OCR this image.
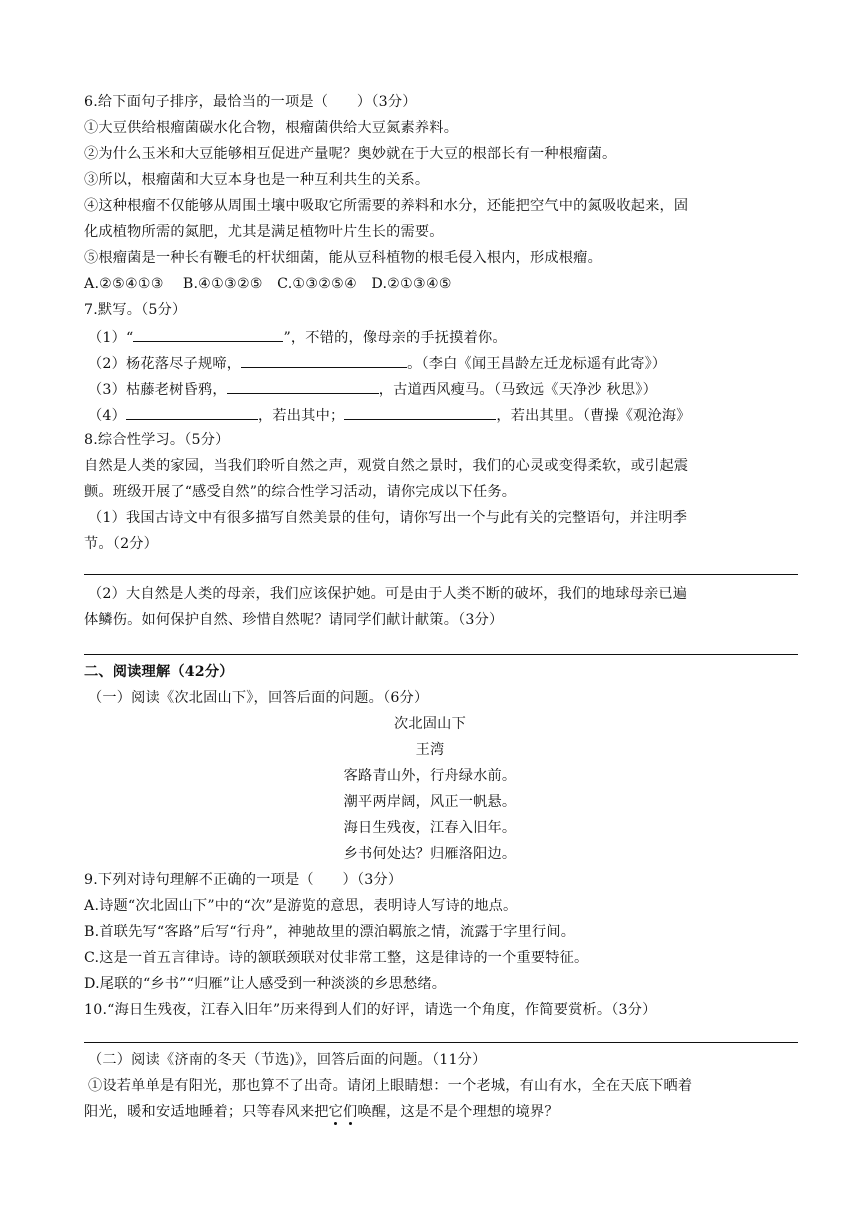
6.给下面句子排序，最恰当的一项是（　　）（3分）
①大豆供给根瘤菌碳水化合物，根瘤菌供给大豆氮素养料。
②为什么玉米和大豆能够相互促进产量呢？奥妙就在于大豆的根部长有一种根瘤菌。
③所以，根瘤菌和大豆本身也是一种互利共生的关系。
④这种根瘤不仅能够从周围土壤中吸取它所需要的养料和水分，还能把空气中的氮吸收起来，固
化成植物所需的氮肥，尤其是满足植物叶片生长的需要。
⑤根瘤菌是一种长有鞭毛的杆状细菌，能从豆科植物的根毛侵入根内，形成根瘤。
A.②⑤④①③　 B.④①③②⑤　C.①③②⑤④　D.②①③④⑤
7.默写。（5分）
（1）“	”，不错的，像母亲的手抚摸着你。
（2）杨花落尽子规啼，	。（李白《闻王昌龄左迁龙标遥有此寄》）
（3）枯藤老树昏鸦，	，古道西风瘦马。（马致远《天净沙 秋思》）
（4）	，若出其中；	，若出其里。（曹操《观沧海》
8.综合性学习。（5分）
自然是人类的家园，当我们聆听自然之声，观赏自然之景时，我们的心灵或变得柔软，或引起震
颤。班级开展了“感受自然”的综合性学习活动，请你完成以下任务。
（1）我国古诗文中有很多描写自然美景的佳句，请你写出一个与此有关的完整语句，并注明季
节。（2分）
（2）大自然是人类的母亲，我们应该保护她。可是由于人类不断的破坏，我们的地球母亲已遍
体鳞伤。如何保护自然、珍惜自然呢？请同学们献计献策。（3分）
二、阅读理解（42分）
（一）阅读《次北固山下》，回答后面的问题。（6分）
次北固山下
王湾
客路青山外，行舟绿水前。
潮平两岸阔，风正一帆悬。
海日生残夜，江春入旧年。
乡书何处达？归雁洛阳边。
9.下列对诗句理解不正确的一项是（　　）（3分）
A.诗题“次北固山下”中的“次”是游览的意思，表明诗人写诗的地点。
B.首联先写“客路”后写“行舟”，神驰故里的漂泊羁旅之情，流露于字里行间。
C.这是一首五言律诗。诗的颔联颈联对仗非常工整，这是律诗的一个重要特征。
D.尾联的“乡书”“归雁”让人感受到一种淡淡的乡思愁绪。
10.“海日生残夜，江春入旧年”历来得到人们的好评，请选一个角度，作简要赏析。（3分）
（二）阅读《济南的冬天（节选)》，回答后面的问题。（11分）
①设若单单是有阳光，那也算不了出奇。请闭上眼睛想：一个老城，有山有水，全在天底下晒着
阳光，暖和安适地睡着；只等春风来把它们唤醒，这是不是个理想的境界？
